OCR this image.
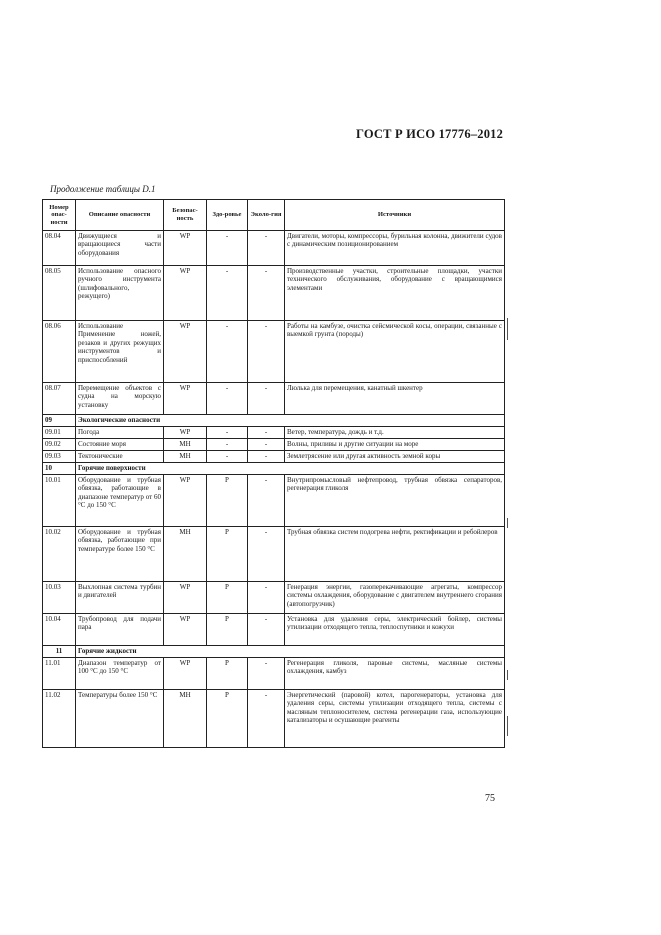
ГОСТ Р ИСО 17776–2012
Продолжение таблицы D.1
Номер опас-ности	Описание опасности	Безопас-ность	Здо-ровье	Эколо-гия	Источники
08.04	Движущиеся и вращающиеся части оборудования	WP	-	-	Двигатели, моторы, компрессоры, бурильная колонна, движители судов с динамическим позиционированием
08.05	Использование опасного ручного инструмента (шлифовального, режущего)	WP	-	-	Производственные участки, строительные площадки, участки технического обслуживания, оборудование с вращающимися элементами
08.06	Использование Применение ножей, резаков и других режущих инструментов и приспособлений	WP	-	-	Работы на камбузе, очистка сейсмической косы, операции, связанные с выемкой грунта (породы)
08.07	Перемещение объектов с судна на морскую установку	WP	-	-	Люлька для перемещения, канатный шкентер
09	Экологические опасности				
09.01	Погода	WP	-	-	Ветер, температура, дождь и т.д.
09.02	Состояние моря	MH	-	-	Волны, приливы и другие ситуации на море
09.03	Тектонические	MH	-	-	Землетрясение или другая активность земной коры
10	Горячие поверхности				
10.01	Оборудование и трубная обвязка, работающие в диапазоне температур от 60 °С до 150 °С	WP	P	-	Внутрипромысловый нефтепровод, трубная обвязка сепараторов, регенерация гликоля
10.02	Оборудование и трубная обвязка, работающие при температуре более 150 °С	MH	P	-	Трубная обвязка систем подогрева нефти, ректификации и ребойлеров
10.03	Выхлопная система турбин и двигателей	WP	P	-	Генерация энергии, газоперекачивающие агрегаты, компрессор системы охлаждения, оборудование с двигателем внутреннего сгорания (автопогрузчик)
10.04	Трубопровод для подачи пара	WP	P	-	Установка для удаления серы, электрический бойлер, системы утилизации отходящего тепла, теплоспутники и кожухи
11	Горячие жидкости				
11.01	Диапазон температур от 100 °С до 150 °С	WP	P	-	Регенерация гликоля, паровые системы, масляные системы охлаждения, камбуз
11.02	Температуры более 150 °С	MH	P	-	Энергетический (паровой) котел, парогенераторы, установка для удаления серы, системы утилизации отходящего тепла, системы с масляным теплоносителем, система регенерации газа, использующие катализаторы и осушающие реагенты
75
